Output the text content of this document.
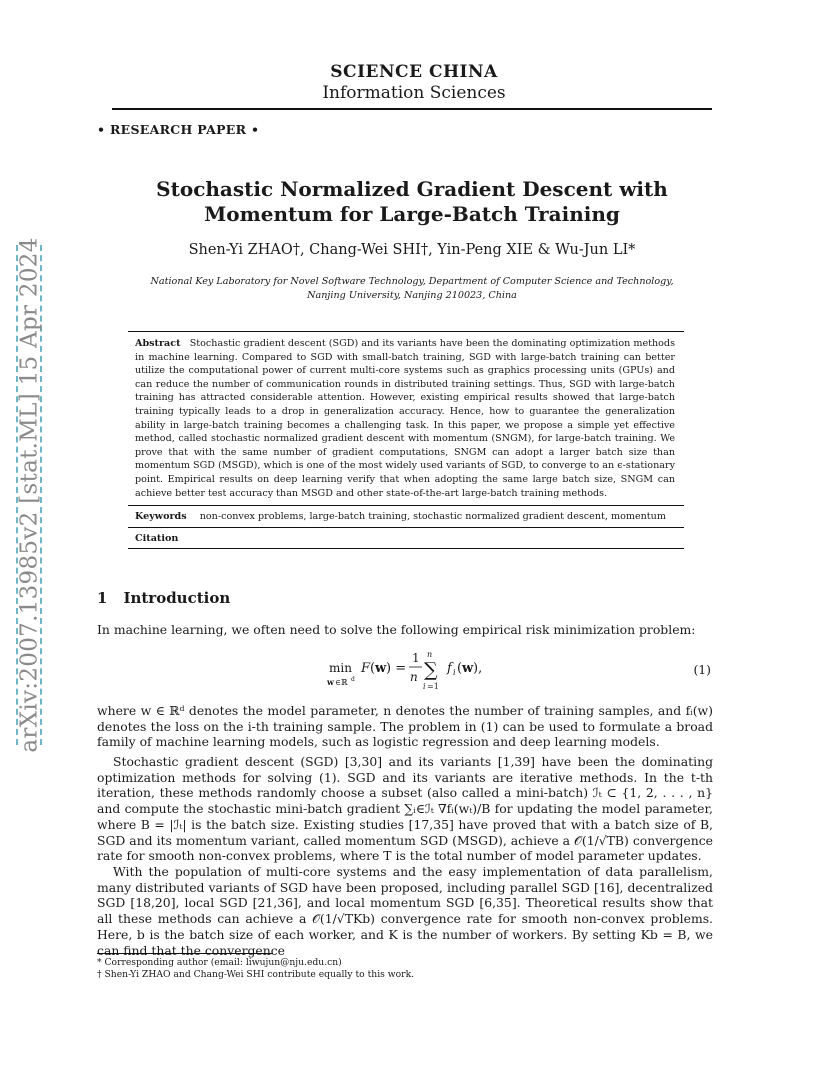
arXiv:2007.13985v2 [stat.ML] 15 Apr 2024
SCIENCE CHINA
Information Sciences
• RESEARCH PAPER •
Stochastic Normalized Gradient Descent with
Momentum for Large-Batch Training
Shen-Yi ZHAO†, Chang-Wei SHI†, Yin-Peng XIE & Wu-Jun LI*
National Key Laboratory for Novel Software Technology, Department of Computer Science and Technology,
Nanjing University, Nanjing 210023, China
Abstract Stochastic gradient descent (SGD) and its variants have been the dominating optimization methods in machine learning. Compared to SGD with small-batch training, SGD with large-batch training can better utilize the computational power of current multi-core systems such as graphics processing units (GPUs) and can reduce the number of communication rounds in distributed training settings. Thus, SGD with large-batch training has attracted considerable attention. However, existing empirical results showed that large-batch training typically leads to a drop in generalization accuracy. Hence, how to guarantee the generalization ability in large-batch training becomes a challenging task. In this paper, we propose a simple yet effective method, called stochastic normalized gradient descent with momentum (SNGM), for large-batch training. We prove that with the same number of gradient computations, SNGM can adopt a larger batch size than momentum SGD (MSGD), which is one of the most widely used variants of SGD, to converge to an ϵ-stationary point. Empirical results on deep learning verify that when adopting the same large batch size, SNGM can achieve better test accuracy than MSGD and other state-of-the-art large-batch training methods.
Keywords non-convex problems, large-batch training, stochastic normalized gradient descent, momentum
Citation
1 Introduction
In machine learning, we often need to solve the following empirical risk minimization problem:
min
w ∈ℝ d
F ( w ) =
1
n
n
∑
i =1
f i ( w ),	(1)
where w ∈ ℝᵈ denotes the model parameter, n denotes the number of training samples, and fᵢ(w) denotes the loss on the i-th training sample. The problem in (1) can be used to formulate a broad family of machine learning models, such as logistic regression and deep learning models.
Stochastic gradient descent (SGD) [3,30] and its variants [1,39] have been the dominating optimization methods for solving (1). SGD and its variants are iterative methods. In the t-th iteration, these methods randomly choose a subset (also called a mini-batch) ℐₜ ⊂ {1, 2, . . . , n} and compute the stochastic mini-batch gradient ∑ᵢ∈ℐₜ ∇fᵢ(wₜ)/B for updating the model parameter, where B = |ℐₜ| is the batch size. Existing studies [17,35] have proved that with a batch size of B, SGD and its momentum variant, called momentum SGD (MSGD), achieve a 𝒪(1/√TB) convergence rate for smooth non-convex problems, where T is the total number of model parameter updates.
With the population of multi-core systems and the easy implementation of data parallelism, many distributed variants of SGD have been proposed, including parallel SGD [16], decentralized SGD [18,20], local SGD [21,36], and local momentum SGD [6,35]. Theoretical results show that all these methods can achieve a 𝒪(1/√TKb) convergence rate for smooth non-convex problems. Here, b is the batch size of each worker, and K is the number of workers. By setting Kb = B, we can find that the convergence
* Corresponding author (email: liwujun@nju.edu.cn)
† Shen-Yi ZHAO and Chang-Wei SHI contribute equally to this work.
